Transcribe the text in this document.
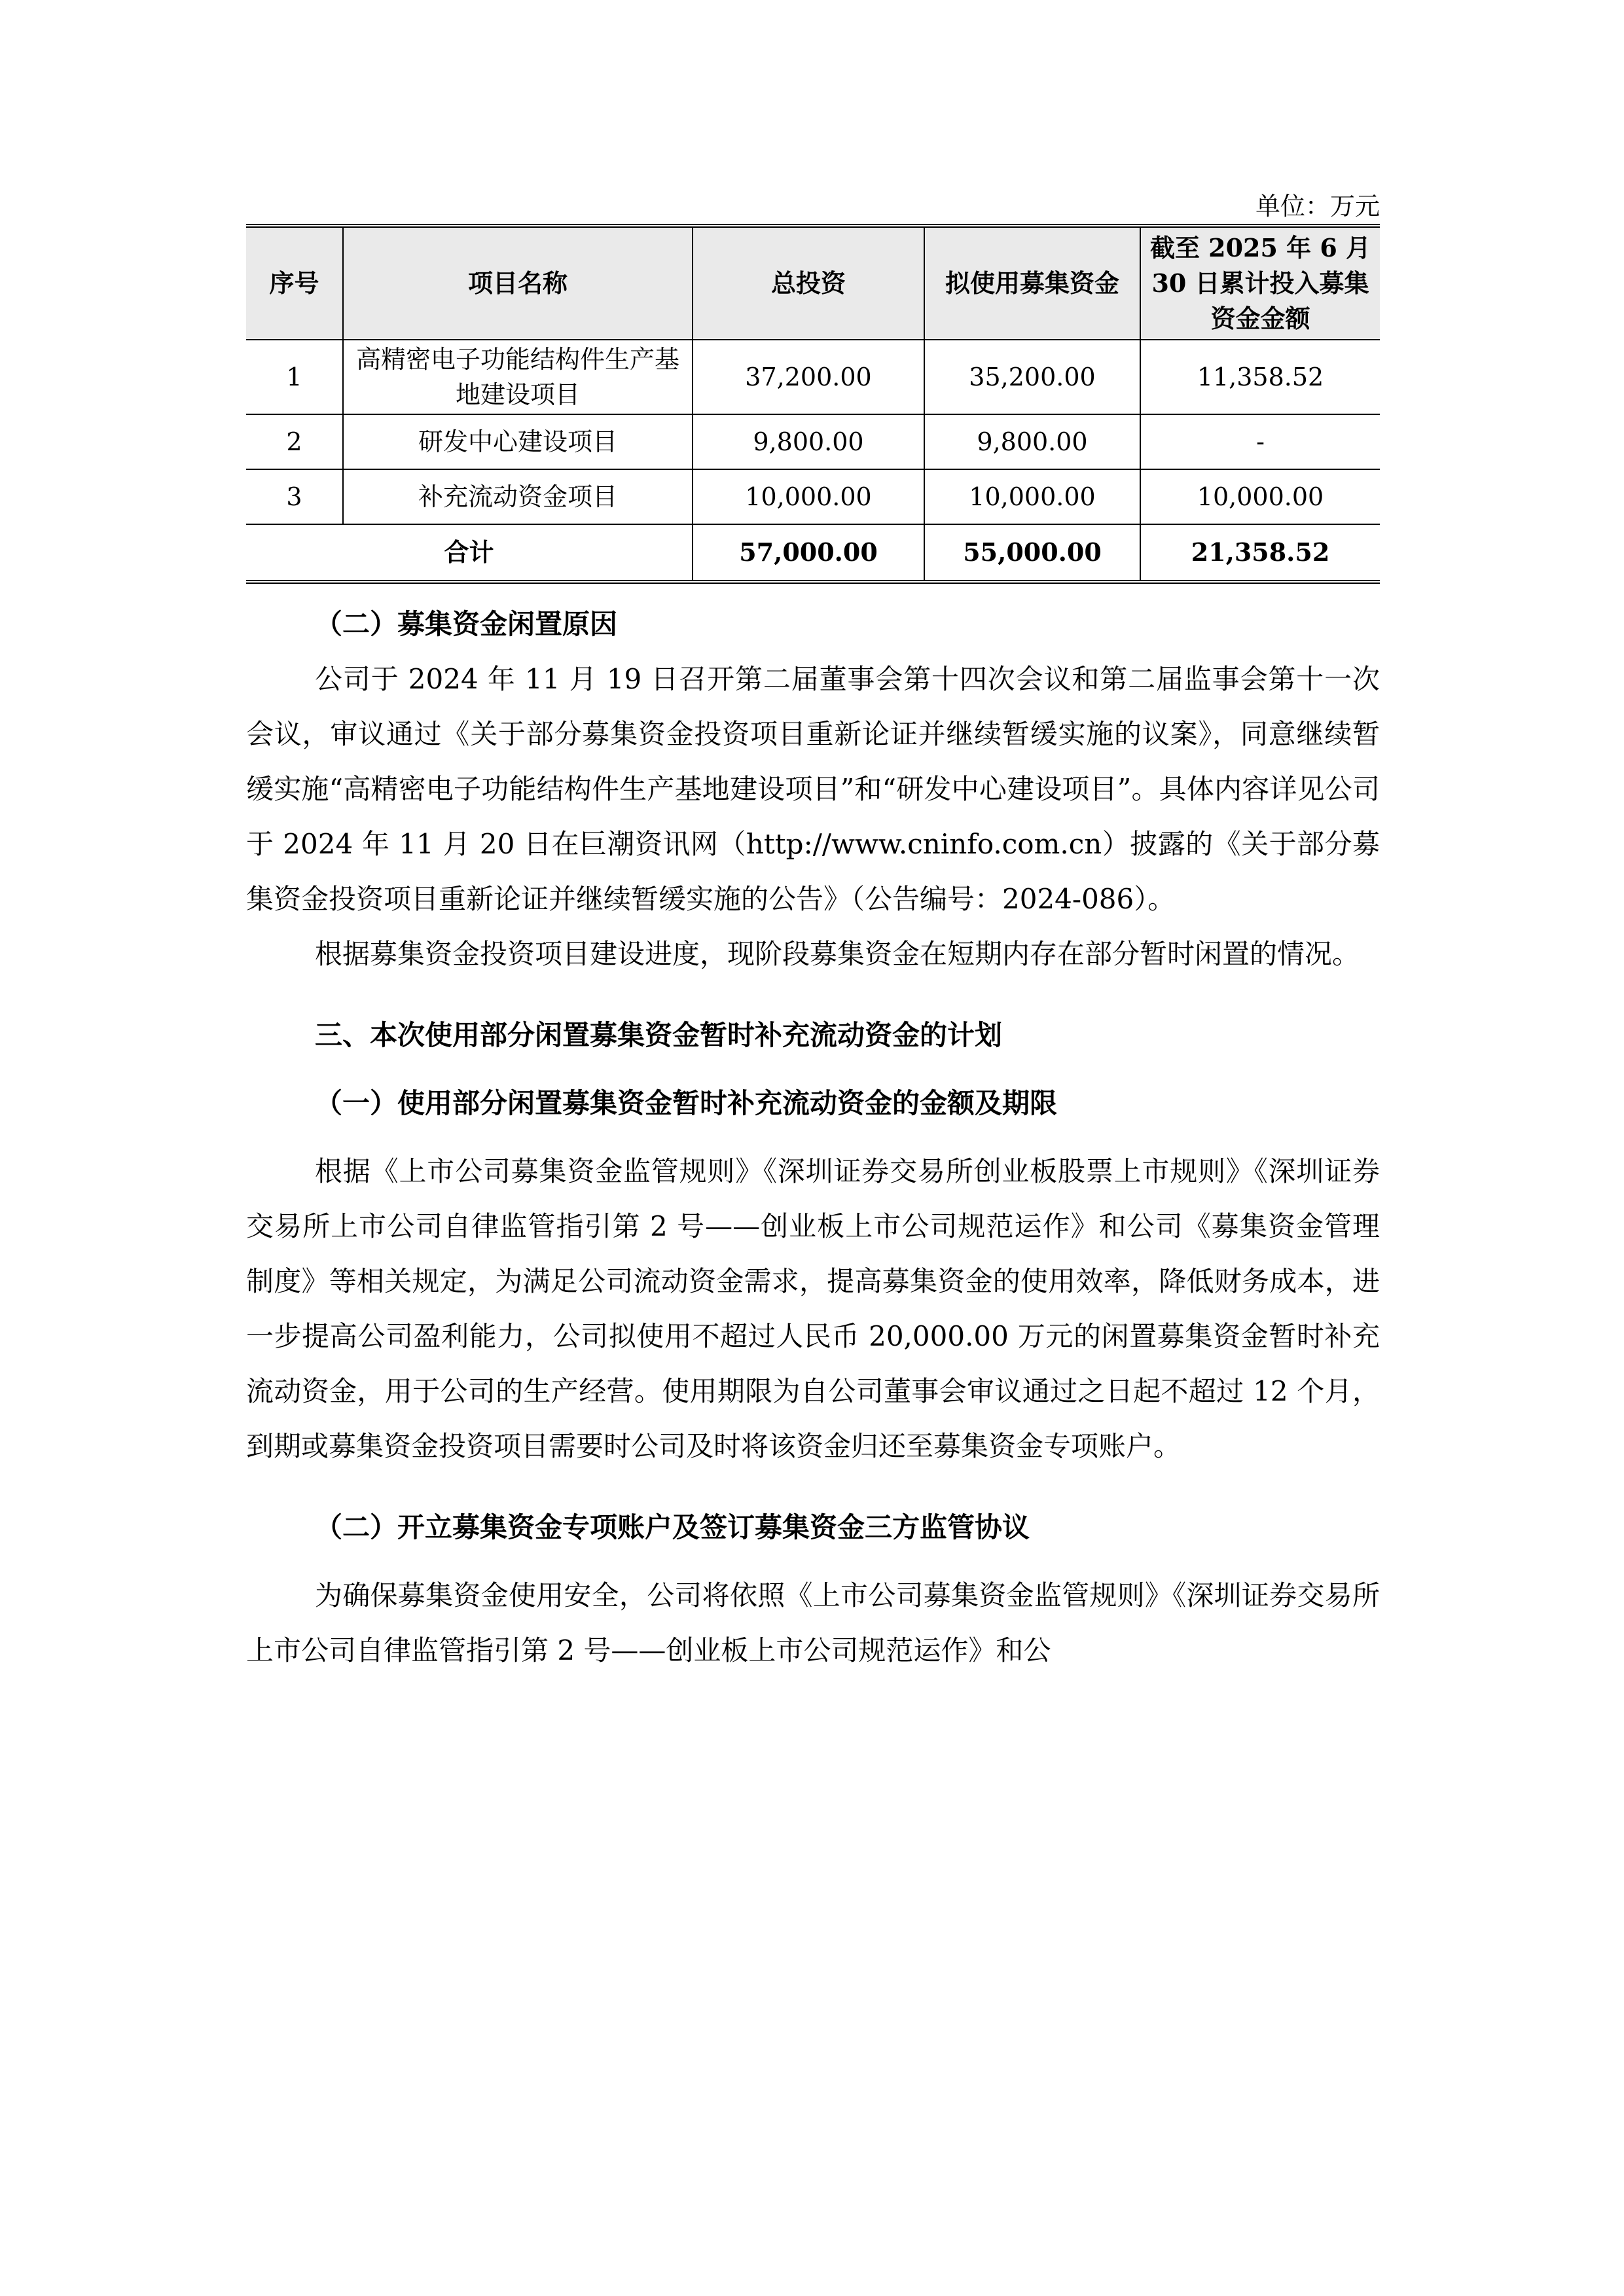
单位：万元
序号	项目名称	总投资	拟使用募集资金	截至 2025 年 6 月 30 日累计投入募集资金金额
1	高精密电子功能结构件生产基地建设项目	37,200.00	35,200.00	11,358.52
2	研发中心建设项目	9,800.00	9,800.00	-
3	补充流动资金项目	10,000.00	10,000.00	10,000.00
合计		57,000.00	55,000.00	21,358.52
（二）募集资金闲置原因

公司于 2024 年 11 月 19 日召开第二届董事会第十四次会议和第二届监事会第十一次会议，审议通过《关于部分募集资金投资项目重新论证并继续暂缓实施的议案》，同意继续暂缓实施“高精密电子功能结构件生产基地建设项目”和“研发中心建设项目”。具体内容详见公司于 2024 年 11 月 20 日在巨潮资讯网（http://www.cninfo.com.cn）披露的《关于部分募集资金投资项目重新论证并继续暂缓实施的公告》（公告编号：2024-086）。

根据募集资金投资项目建设进度，现阶段募集资金在短期内存在部分暂时闲置的情况。

三、本次使用部分闲置募集资金暂时补充流动资金的计划
（一）使用部分闲置募集资金暂时补充流动资金的金额及期限

根据《上市公司募集资金监管规则》《深圳证券交易所创业板股票上市规则》《深圳证券交易所上市公司自律监管指引第 2 号——创业板上市公司规范运作》和公司《募集资金管理制度》等相关规定，为满足公司流动资金需求，提高募集资金的使用效率，降低财务成本，进一步提高公司盈利能力，公司拟使用不超过人民币 20,000.00 万元的闲置募集资金暂时补充流动资金，用于公司的生产经营。使用期限为自公司董事会审议通过之日起不超过 12 个月，到期或募集资金投资项目需要时公司及时将该资金归还至募集资金专项账户。

（二）开立募集资金专项账户及签订募集资金三方监管协议

为确保募集资金使用安全，公司将依照《上市公司募集资金监管规则》《深圳证券交易所上市公司自律监管指引第 2 号——创业板上市公司规范运作》和公
